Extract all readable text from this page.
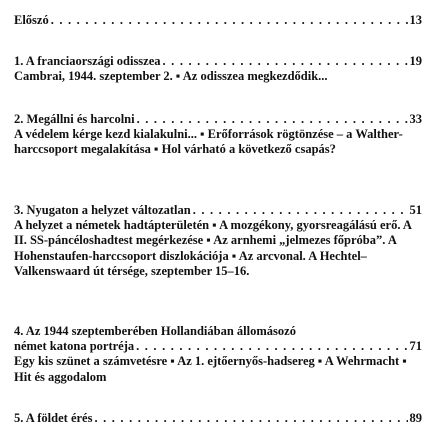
Előszó . . .	13
1. A franciaországi odisszea . . .	19
Cambrai, 1944. szeptember 2. ▪ Az odisszea megkezdődik...
2. Megállni és harcolni . . .	33
A védelem kérge kezd kialakulni... ▪ Erőforrások rögtönzése – a Walther-harccsoport megalakítása ▪ Hol várható a következő csapás?
3. Nyugaton a helyzet változatlan . . .	51
A helyzet a németek hadtápterületén ▪ A mozgékony, gyorsreagálású erő. A II. SS-páncéloshadtest megérkezése ▪ Az arnhemi „jelmezes főpróba”. A Hohenstaufen-harccsoport diszlokációja ▪ Az arcvonal. A Hechtel–Valkenswaard út térsége, szeptember 15–16.
4. Az 1944 szeptemberében Hollandiában állomásozó
német katona portréja . . .	71
Egy kis szünet a számvetésre ▪ Az 1. ejtőernyős-hadsereg ▪ A Wehrmacht ▪ Hit és aggodalom
5. A földet érés . . .	89
